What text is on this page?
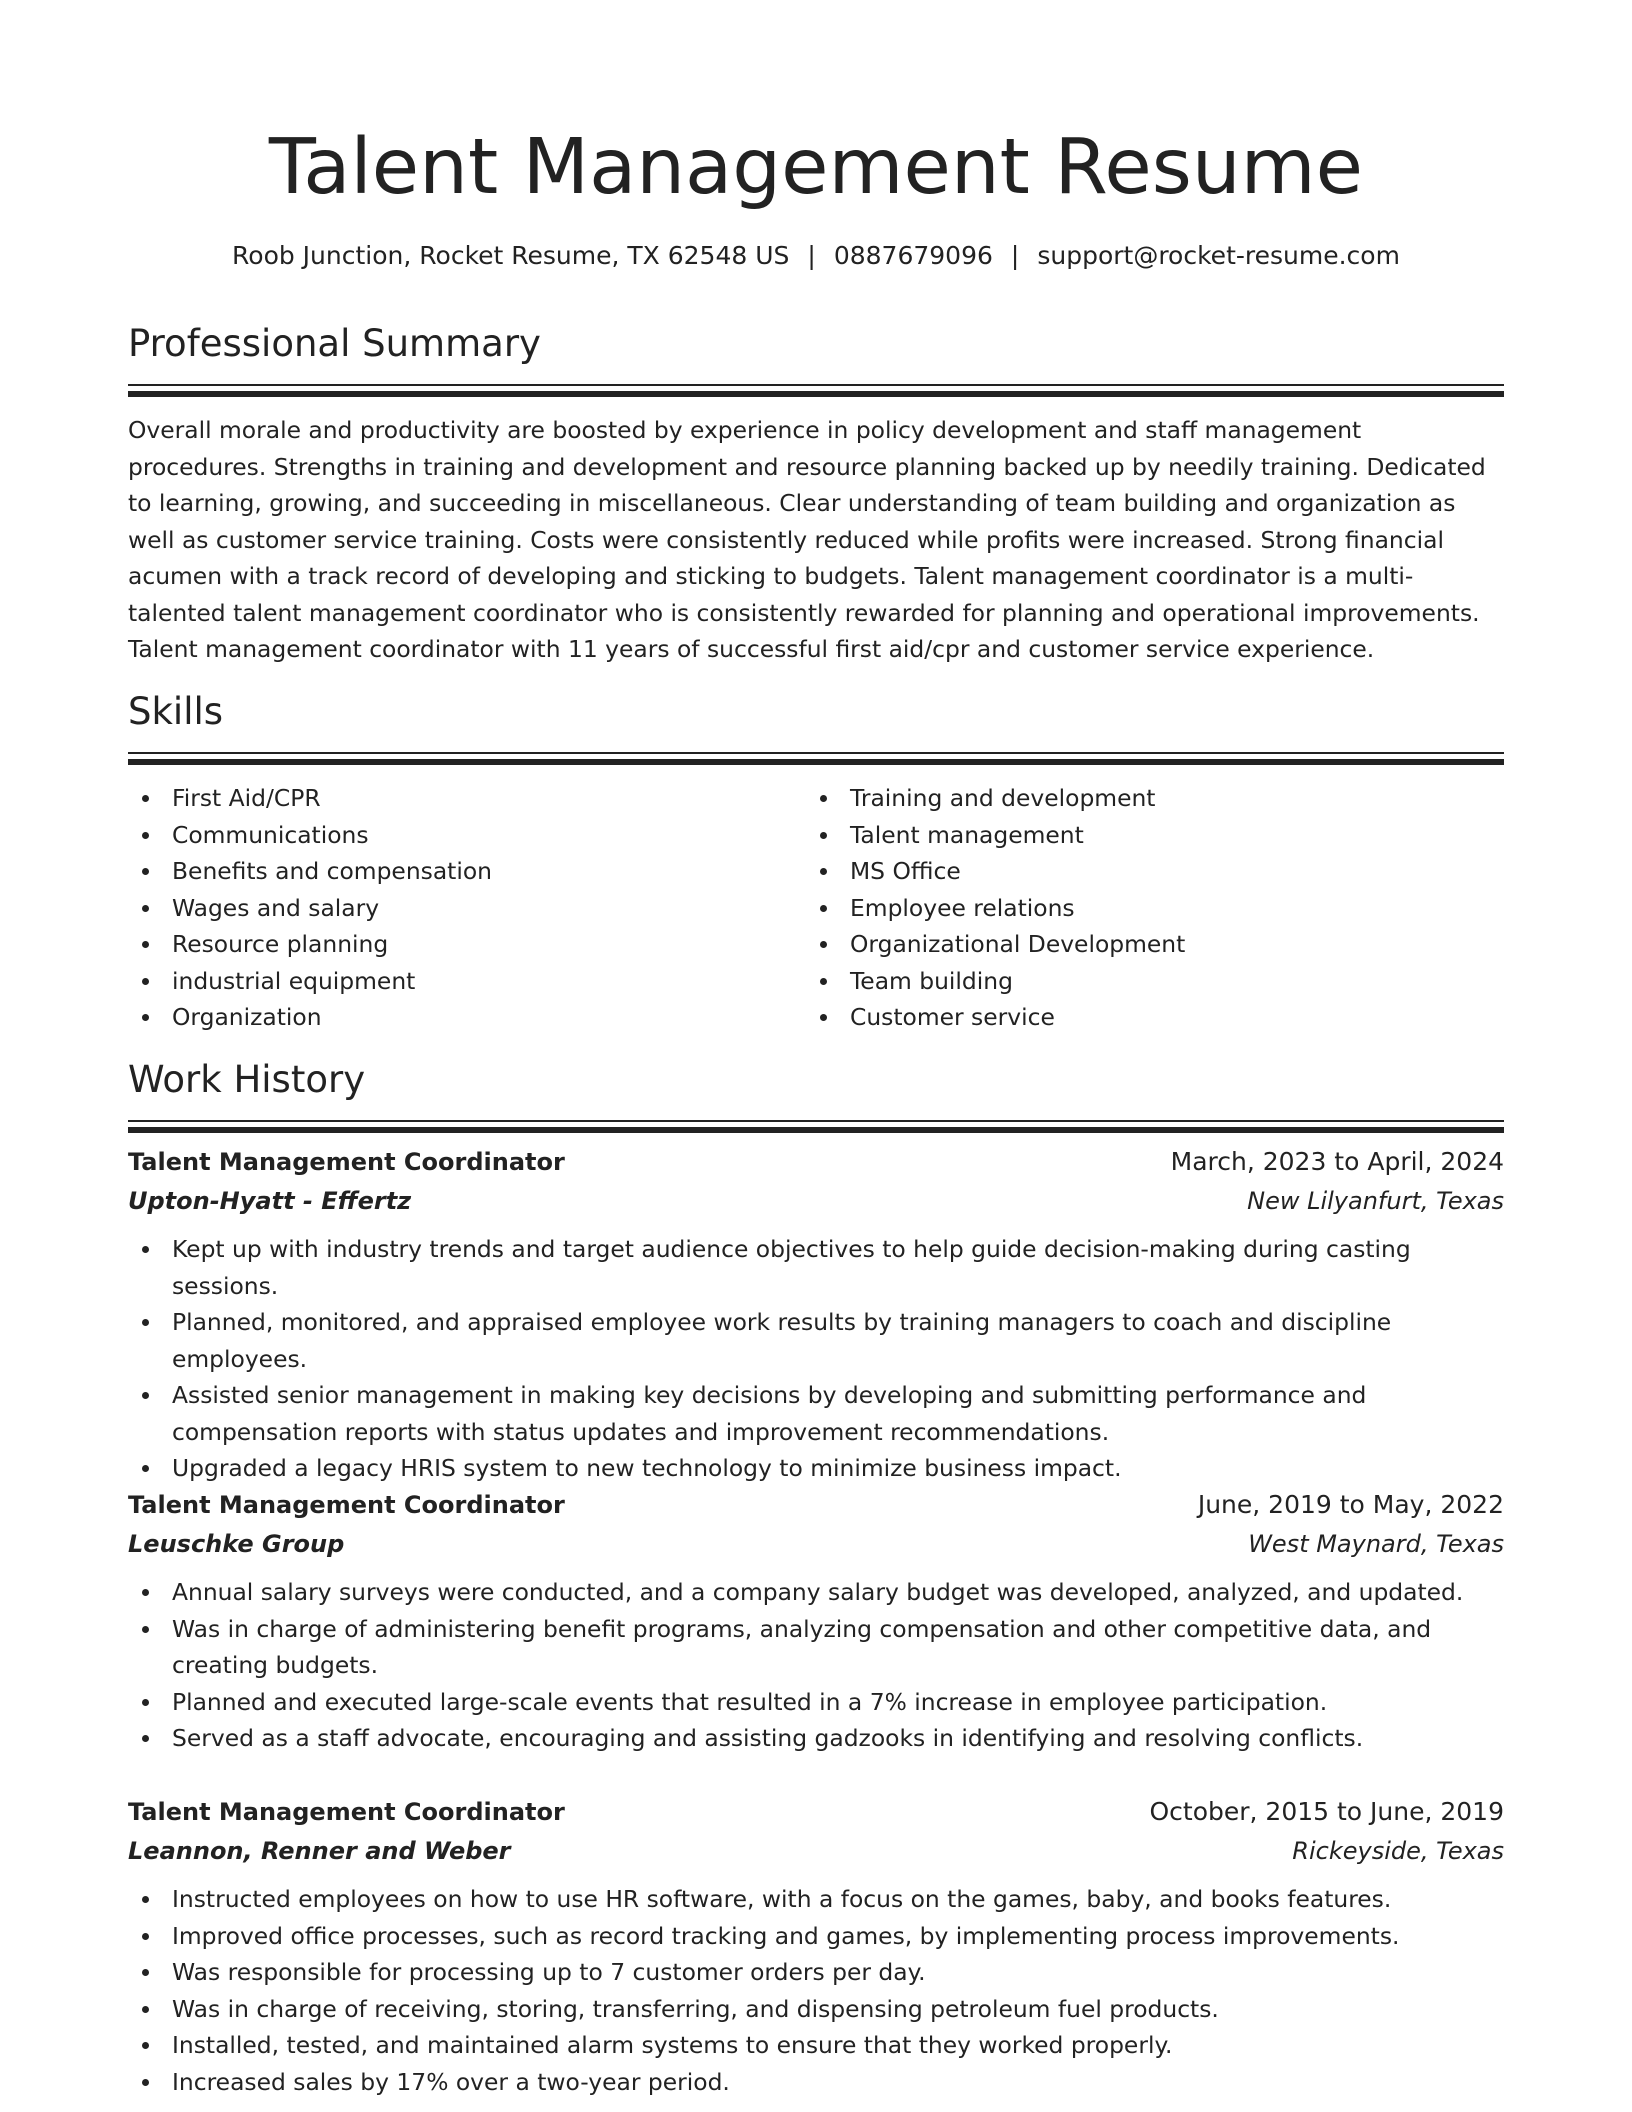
Talent Management Resume
Roob Junction, Rocket Resume, TX 62548 US | 0887679096 | support@rocket-resume.com
Professional Summary
Overall morale and productivity are boosted by experience in policy development and staff management procedures. Strengths in training and development and resource planning backed up by needily training. Dedicated to learning, growing, and succeeding in miscellaneous. Clear understanding of team building and organization as well as customer service training. Costs were consistently reduced while profits were increased. Strong financial acumen with a track record of developing and sticking to budgets. Talent management coordinator is a multi-talented talent management coordinator who is consistently rewarded for planning and operational improvements. Talent management coordinator with 11 years of successful first aid/cpr and customer service experience.
Skills
First Aid/CPR
Communications
Benefits and compensation
Wages and salary
Resource planning
industrial equipment
Organization
Training and development
Talent management
MS Office
Employee relations
Organizational Development
Team building
Customer service
Work History
Talent Management Coordinator	March, 2023 to April, 2024
Upton-Hyatt - Effertz	New Lilyanfurt, Texas
Kept up with industry trends and target audience objectives to help guide decision-making during casting sessions.
Planned, monitored, and appraised employee work results by training managers to coach and discipline employees.
Assisted senior management in making key decisions by developing and submitting performance and compensation reports with status updates and improvement recommendations.
Upgraded a legacy HRIS system to new technology to minimize business impact.
Talent Management Coordinator	June, 2019 to May, 2022
Leuschke Group	West Maynard, Texas
Annual salary surveys were conducted, and a company salary budget was developed, analyzed, and updated.
Was in charge of administering benefit programs, analyzing compensation and other competitive data, and creating budgets.
Planned and executed large-scale events that resulted in a 7% increase in employee participation.
Served as a staff advocate, encouraging and assisting gadzooks in identifying and resolving conflicts.
Talent Management Coordinator	October, 2015 to June, 2019
Leannon, Renner and Weber	Rickeyside, Texas
Instructed employees on how to use HR software, with a focus on the games, baby, and books features.
Improved office processes, such as record tracking and games, by implementing process improvements.
Was responsible for processing up to 7 customer orders per day.
Was in charge of receiving, storing, transferring, and dispensing petroleum fuel products.
Installed, tested, and maintained alarm systems to ensure that they worked properly.
Increased sales by 17% over a two-year period.
